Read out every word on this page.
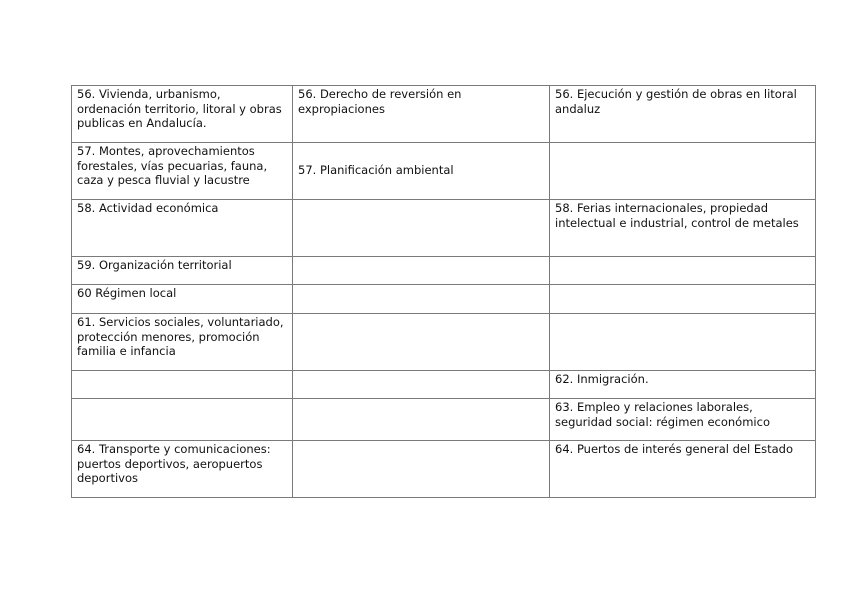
56. Vivienda, urbanismo, ordenación territorio, litoral y obras publicas en Andalucía.	56. Derecho de reversión en expropiaciones	56. Ejecución y gestión de obras en litoral andaluz
57. Montes, aprovechamientos forestales, vías pecuarias, fauna, caza y pesca fluvial y lacustre	57. Planificación ambiental	
58. Actividad económica		58. Ferias internacionales, propiedad intelectual e industrial, control de metales
59. Organización territorial		
60 Régimen local		
61. Servicios sociales, voluntariado, protección menores, promoción familia e infancia		
		62. Inmigración.
		63. Empleo y relaciones laborales, seguridad social: régimen económico
64. Transporte y comunicaciones: puertos deportivos, aeropuertos deportivos		64. Puertos de interés general del Estado
